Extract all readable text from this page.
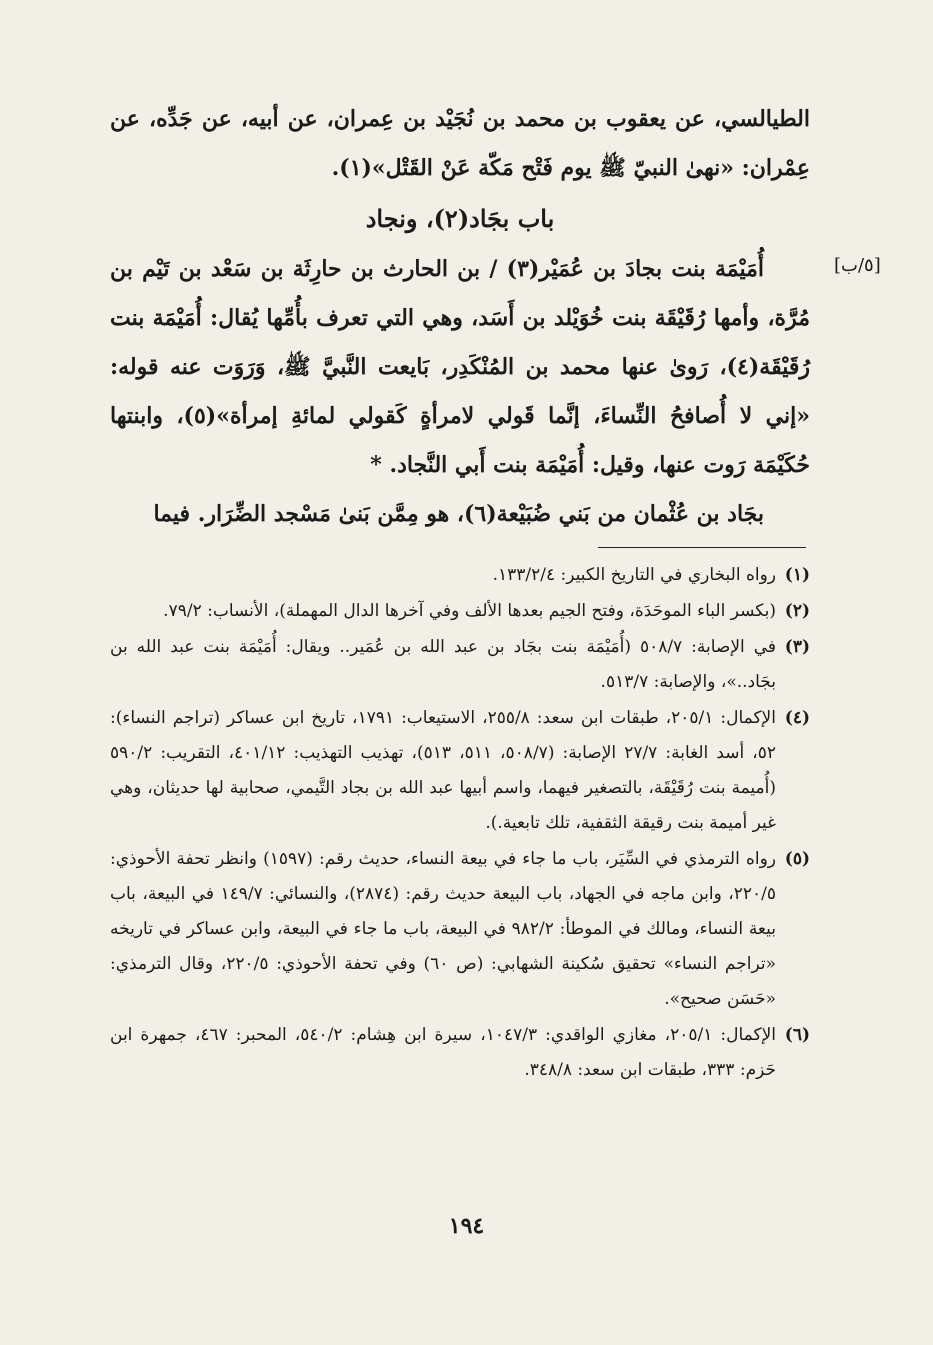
[٥/ب]

الطيالسي، عن يعقوب بن محمد بن نُجَيْد بن عِمران، عن أبيه، عن جَدِّه، عن عِمْران: «نهىٰ النبيّ ﷺ يوم فَتْح مَكّة عَنْ القَتْل»(١).

باب بجَاد(٢)، ونجاد

أُمَيْمَة بنت بجادَ بن عُمَيْر(٣) / بن الحارث بن حارِثَة بن سَعْد بن تَيْم بن مُرَّة، وأمها رُقَيْقَة بنت خُوَيْلد بن أَسَد، وهي التي تعرف بأُمِّها يُقال: أُمَيْمَة بنت رُقَيْقَة(٤)، رَوىٰ عنها محمد بن المُنْكَدِر، بَايعت النَّبيَّ ﷺ، وَرَوَت عنه قوله: «إني لا أُصافحُ النِّساءَ، إنَّما قَولي لامرأةٍ كَقولي لمائةِ إمرأة»(٥)، وابنتها حُكَيْمَة رَوت عنها، وقيل: أُمَيْمَة بنت أَبي النَّجاد. *

بجَاد بن عُثْمان من بَني ضُبَيْعة(٦)، هو مِمَّن بَنىٰ مَسْجد الضِّرَار. فيما

(١)
رواه البخاري في التاريخ الكبير: ١٣٣/٢/٤.
(٢)
(بكسر الباء الموحَدَة، وفتح الجيم بعدها الألف وفي آخرها الدال المهملة)، الأنساب: ٧٩/٢.
(٣)
في الإصابة: ٥٠٨/٧ (أُمَيْمَة بنت بجَاد بن عبد الله بن عُمَير.. ويقال: أُمَيْمَة بنت عبد الله بن بجَاد..»، والإصابة: ٥١٣/٧.
(٤)
الإكمال: ٢٠٥/١، طبقات ابن سعد: ٢٥٥/٨، الاستيعاب: ١٧٩١، تاريخ ابن عساكر (تراجم النساء): ٥٢، أسد الغابة: ٢٧/٧ الإصابة: (٥٠٨/٧، ٥١١، ٥١٣)، تهذيب التهذيب: ٤٠١/١٢، التقريب: ٥٩٠/٢ (أُميمة بنت رُقَيْقَة، بالتصغير فيهما، واسم أبيها عبد الله بن بجاد التَّيمي، صحابية لها حديثان، وهي غير أميمة بنت رقيقة الثقفية، تلك تابعية.).
(٥)
رواه الترمذي في السِّيَر، باب ما جاء في بيعة النساء، حديث رقم: (١٥٩٧) وانظر تحفة الأحوذي: ٢٢٠/٥، وابن ماجه في الجهاد، باب البيعة حديث رقم: (٢٨٧٤)، والنسائي: ١٤٩/٧ في البيعة، باب بيعة النساء، ومالك في الموطأ: ٩٨٢/٢ في البيعة، باب ما جاء في البيعة، وابن عساكر في تاريخه «تراجم النساء» تحقيق سُكينة الشهابي: (ص ٦٠) وفي تحفة الأحوذي: ٢٢٠/٥، وقال الترمذي: «حَسَن صحيح».
(٦)
الإكمال: ٢٠٥/١، مغازي الواقدي: ١٠٤٧/٣، سيرة ابن هِشام: ٥٤٠/٢، المحبر: ٤٦٧، جمهرة ابن حَزم: ٣٣٣، طبقات ابن سعد: ٣٤٨/٨.
١٩٤
